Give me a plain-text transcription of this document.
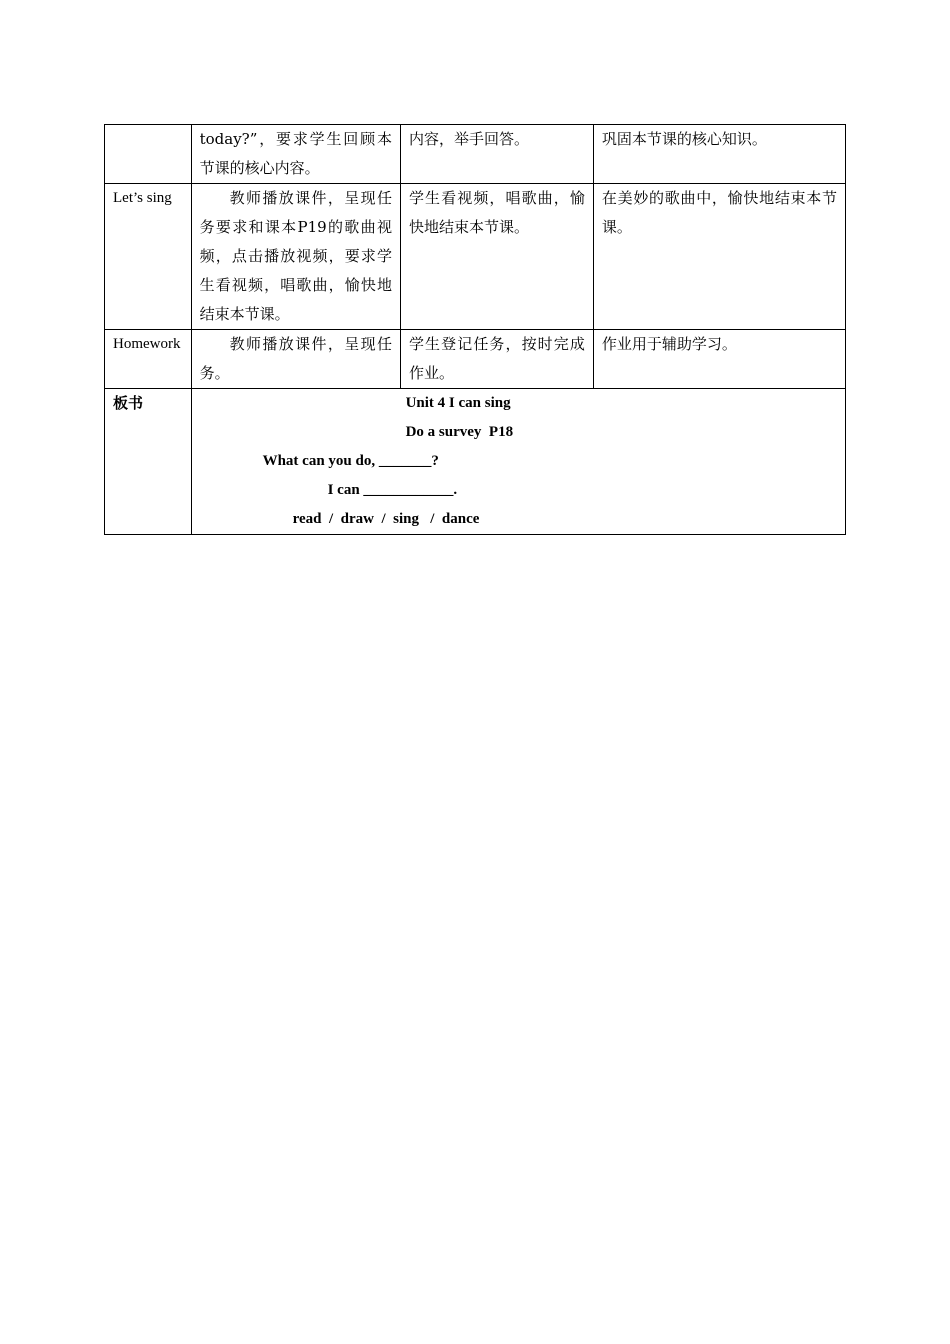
	today?”，要求学生回顾本节课的核心内容。	内容，举手回答。	巩固本节课的核心知识。
Let’s sing	教师播放课件，呈现任务要求和课本P19的歌曲视频，点击播放视频，要求学生看视频，唱歌曲，愉快地结束本节课。	学生看视频，唱歌曲，愉快地结束本节课。	在美妙的歌曲中，愉快地结束本节课。
Homework	教师播放课件，呈现任务。	学生登记任务，按时完成作业。	作业用于辅助学习。
板书	Unit 4 I can sing
Do a survey  P18
What can you do, _______?
I can ____________.
read  /  draw  /  sing   /  dance		
